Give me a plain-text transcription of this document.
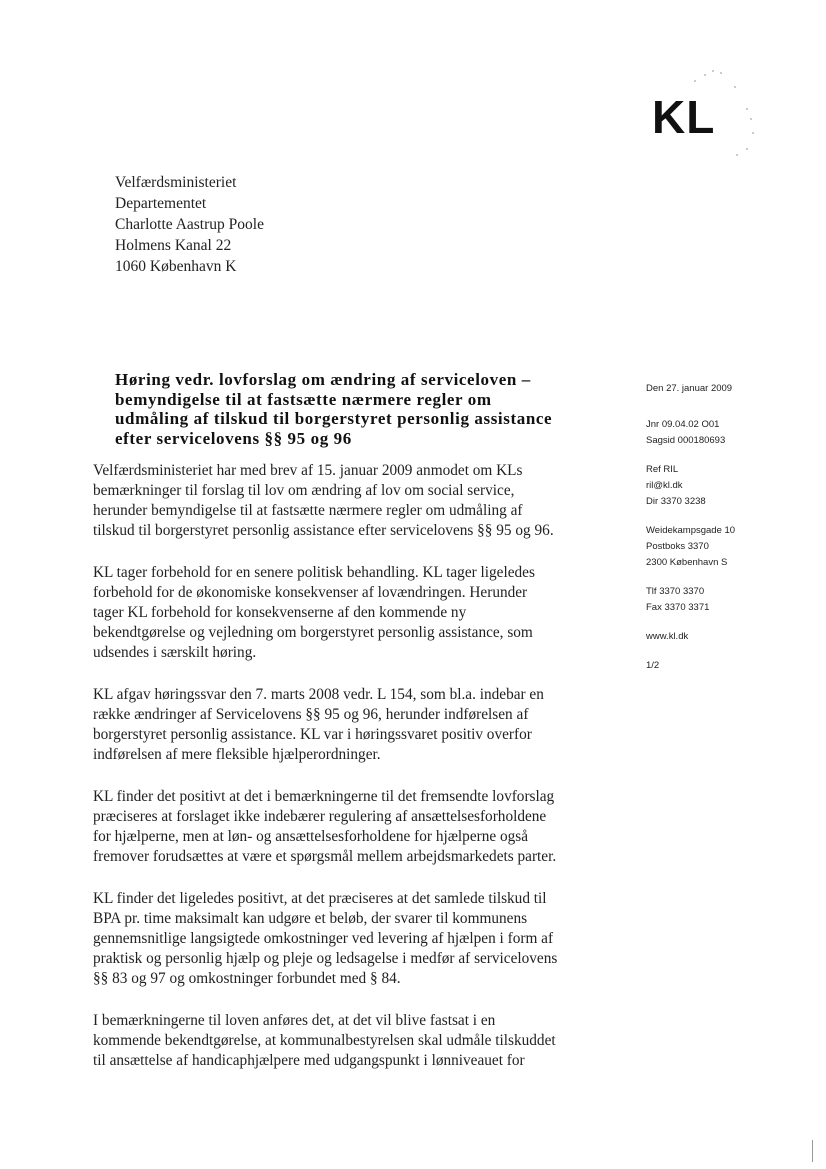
KL
Velfærdsministeriet
Departementet
Charlotte Aastrup Poole
Holmens Kanal 22
1060 København K
Høring vedr. lovforslag om ændring af serviceloven –
bemyndigelse til at fastsætte nærmere regler om
udmåling af tilskud til borgerstyret personlig assistance
efter servicelovens §§ 95 og 96
Den 27. januar 2009
Jnr 09.04.02 O01
Sagsid 000180693
Ref RIL
ril@kl.dk
Dir 3370 3238
Weidekampsgade 10
Postboks 3370
2300 København S
Tlf 3370 3370
Fax 3370 3371
www.kl.dk
1/2
Velfærdsministeriet har med brev af 15. januar 2009 anmodet om KLs
bemærkninger til forslag til lov om ændring af lov om social service,
herunder bemyndigelse til at fastsætte nærmere regler om udmåling af
tilskud til borgerstyret personlig assistance efter servicelovens §§ 95 og 96.
KL tager forbehold for en senere politisk behandling. KL tager ligeledes
forbehold for de økonomiske konsekvenser af lovændringen. Herunder
tager KL forbehold for konsekvenserne af den kommende ny
bekendtgørelse og vejledning om borgerstyret personlig assistance, som
udsendes i særskilt høring.
KL afgav høringssvar den 7. marts 2008 vedr. L 154, som bl.a. indebar en
række ændringer af Servicelovens §§ 95 og 96, herunder indførelsen af
borgerstyret personlig assistance. KL var i høringssvaret positiv overfor
indførelsen af mere fleksible hjælperordninger.
KL finder det positivt at det i bemærkningerne til det fremsendte lovforslag
præciseres at forslaget ikke indebærer regulering af ansættelsesforholdene
for hjælperne, men at løn- og ansættelsesforholdene for hjælperne også
fremover forudsættes at være et spørgsmål mellem arbejdsmarkedets parter.
KL finder det ligeledes positivt, at det præciseres at det samlede tilskud til
BPA pr. time maksimalt kan udgøre et beløb, der svarer til kommunens
gennemsnitlige langsigtede omkostninger ved levering af hjælpen i form af
praktisk og personlig hjælp og pleje og ledsagelse i medfør af servicelovens
§§ 83 og 97 og omkostninger forbundet med § 84.
I bemærkningerne til loven anføres det, at det vil blive fastsat i en
kommende bekendtgørelse, at kommunalbestyrelsen skal udmåle tilskuddet
til ansættelse af handicaphjælpere med udgangspunkt i lønniveauet for
